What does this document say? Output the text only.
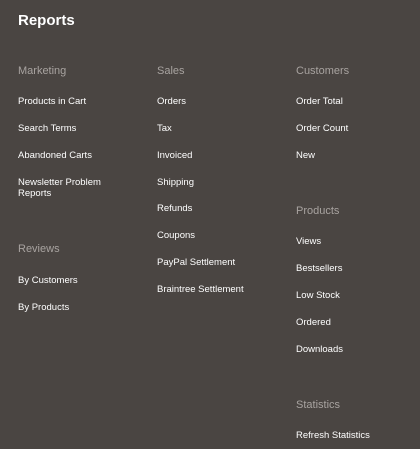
Reports
Marketing
Products in Cart
Search Terms
Abandoned Carts
Newsletter Problem Reports
Reviews
By Customers
By Products
Sales
Orders
Tax
Invoiced
Shipping
Refunds
Coupons
PayPal Settlement
Braintree Settlement
Customers
Order Total
Order Count
New
Products
Views
Bestsellers
Low Stock
Ordered
Downloads
Statistics
Refresh Statistics
